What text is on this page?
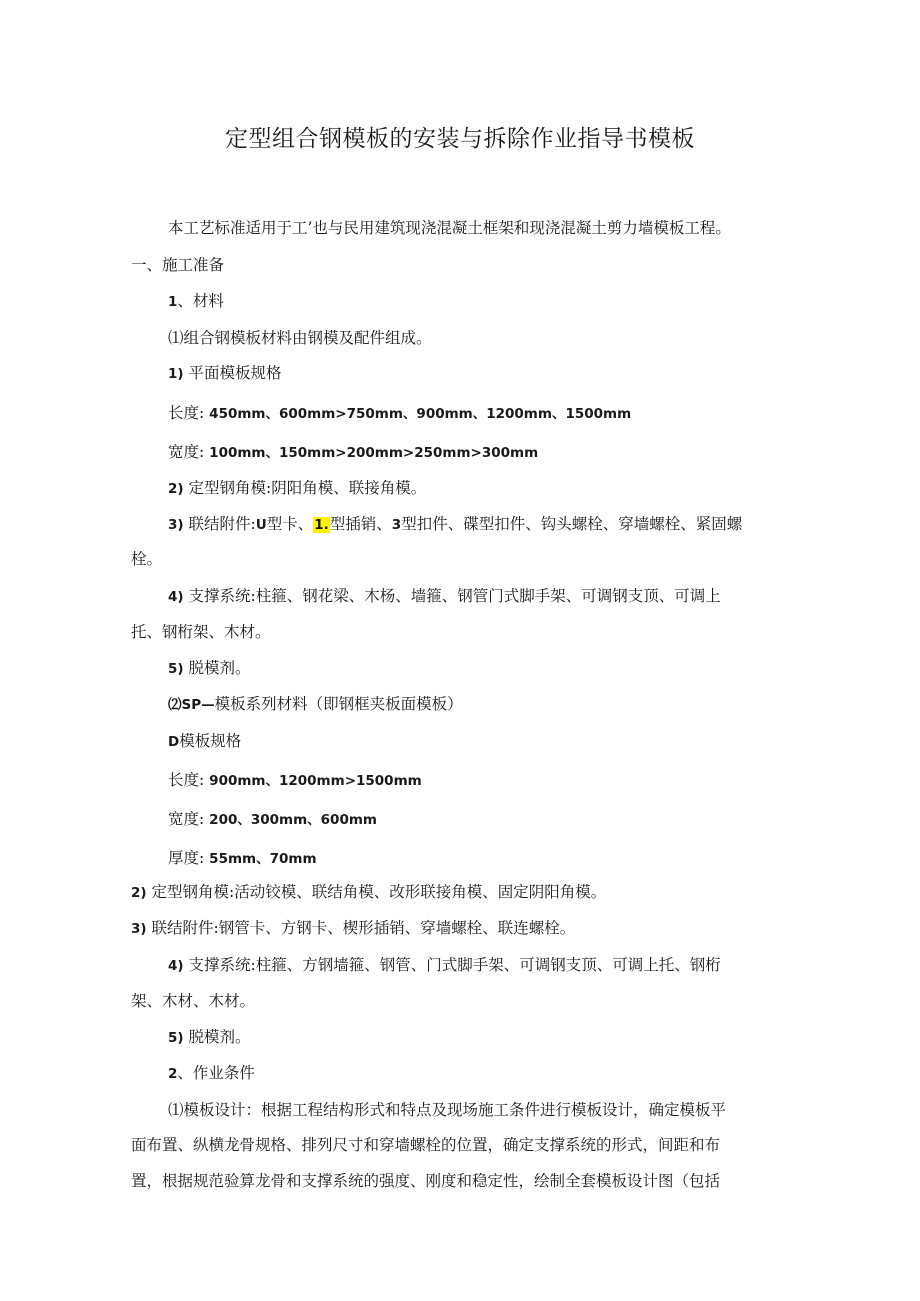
定型组合钢模板的安装与拆除作业指导书模板
本工艺标准适用于工’也与民用建筑现浇混凝土框架和现浇混凝土剪力墙模板工程。
一、施工准备
1、材料
⑴组合钢模板材料由钢模及配件组成。
1) 平面模板规格
长度: 450mm、600mm>750mm、900mm、1200mm、1500mm
宽度: 100mm、150mm>200mm>250mm>300mm
2) 定型钢角模:阴阳角模、联接角模。
3) 联结附件:U型卡、1.型插销、3型扣件、碟型扣件、钩头螺栓、穿墙螺栓、紧固螺
栓。
4) 支撑系统:柱箍、钢花梁、木杨、墙箍、钢管门式脚手架、可调钢支顶、可调上
托、钢桁架、木材。
5) 脱模剂。
⑵SP—模板系列材料（即钢框夹板面模板）
D模板规格
长度: 900mm、1200mm>1500mm
宽度: 200、300mm、600mm
厚度: 55mm、70mm
2) 定型钢角模:活动铰模、联结角模、改形联接角模、固定阴阳角模。
3) 联结附件:钢管卡、方钢卡、楔形插销、穿墙螺栓、联连螺栓。
4) 支撑系统:柱箍、方钢墙箍、钢管、门式脚手架、可调钢支顶、可调上托、钢桁
架、木材、木材。
5) 脱模剂。
2、作业条件
⑴模板设计：根据工程结构形式和特点及现场施工条件进行模板设计，确定模板平
面布置、纵横龙骨规格、排列尺寸和穿墙螺栓的位置，确定支撑系统的形式，间距和布
置，根据规范验算龙骨和支撑系统的强度、刚度和稳定性，绘制全套模板设计图（包括
